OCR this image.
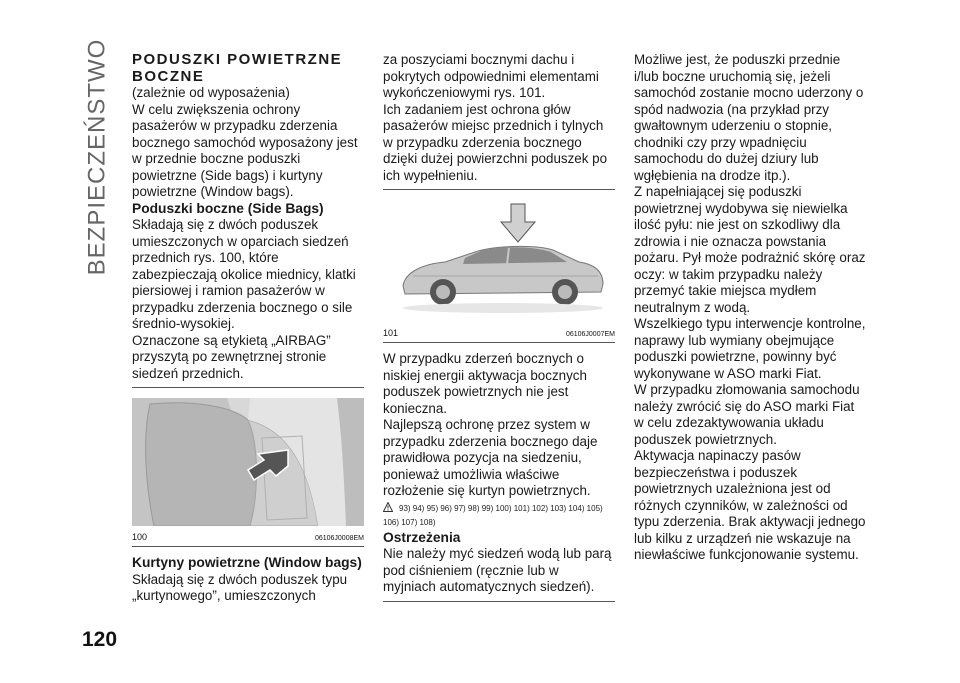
BEZPIECZEŃSTWO
120
PODUSZKI POWIETRZNE
BOCZNE

(zależnie od wyposażenia)

W celu zwiększenia ochrony pasażerów w przypadku zderzenia bocznego samochód wyposażony jest w przednie boczne poduszki powietrzne (Side bags) i kurtyny powietrzne (Window bags).

Poduszki boczne (Side Bags)

Składają się z dwóch poduszek umieszczonych w oparciach siedzeń przednich rys. 100, które zabezpieczają okolice miednicy, klatki piersiowej i ramion pasażerów w przypadku zderzenia bocznego o sile średnio-wysokiej.

Oznaczone są etykietą „AIRBAG” przyszytą po zewnętrznej stronie siedzeń przednich.

100	06106J0008EM
Kurtyny powietrzne (Window bags)

Składają się z dwóch poduszek typu „kurtynowego”, umieszczonych

za poszyciami bocznymi dachu i pokrytych odpowiednimi elementami wykończeniowymi rys. 101.

Ich zadaniem jest ochrona głów pasażerów miejsc przednich i tylnych w przypadku zderzenia bocznego dzięki dużej powierzchni poduszek po ich wypełnieniu.

101	06106J0007EM

W przypadku zderzeń bocznych o niskiej energii aktywacja bocznych poduszek powietrznych nie jest konieczna.

Najlepszą ochronę przez system w przypadku zderzenia bocznego daje prawidłowa pozycja na siedzeniu, ponieważ umożliwia właściwe rozłożenie się kurtyn powietrznych.

93) 94) 95) 96) 97) 98) 99) 100) 101) 102) 103) 104) 105)
106) 107) 108)
Ostrzeżenia

Nie należy myć siedzeń wodą lub parą pod ciśnieniem (ręcznie lub w myjniach automatycznych siedzeń).

Możliwe jest, że poduszki przednie i/lub boczne uruchomią się, jeżeli samochód zostanie mocno uderzony o spód nadwozia (na przykład przy gwałtownym uderzeniu o stopnie, chodniki czy przy wpadnięciu samochodu do dużej dziury lub wgłębienia na drodze itp.).

Z napełniającej się poduszki powietrznej wydobywa się niewielka ilość pyłu: nie jest on szkodliwy dla zdrowia i nie oznacza powstania pożaru. Pył może podrażnić skórę oraz oczy: w takim przypadku należy przemyć takie miejsca mydłem neutralnym z wodą.

Wszelkiego typu interwencje kontrolne, naprawy lub wymiany obejmujące poduszki powietrzne, powinny być wykonywane w ASO marki Fiat.

W przypadku złomowania samochodu należy zwrócić się do ASO marki Fiat w celu zdezaktywowania układu poduszek powietrznych.

Aktywacja napinaczy pasów bezpieczeństwa i poduszek powietrznych uzależniona jest od różnych czynników, w zależności od typu zderzenia. Brak aktywacji jednego lub kilku z urządzeń nie wskazuje na niewłaściwe funkcjonowanie systemu.
